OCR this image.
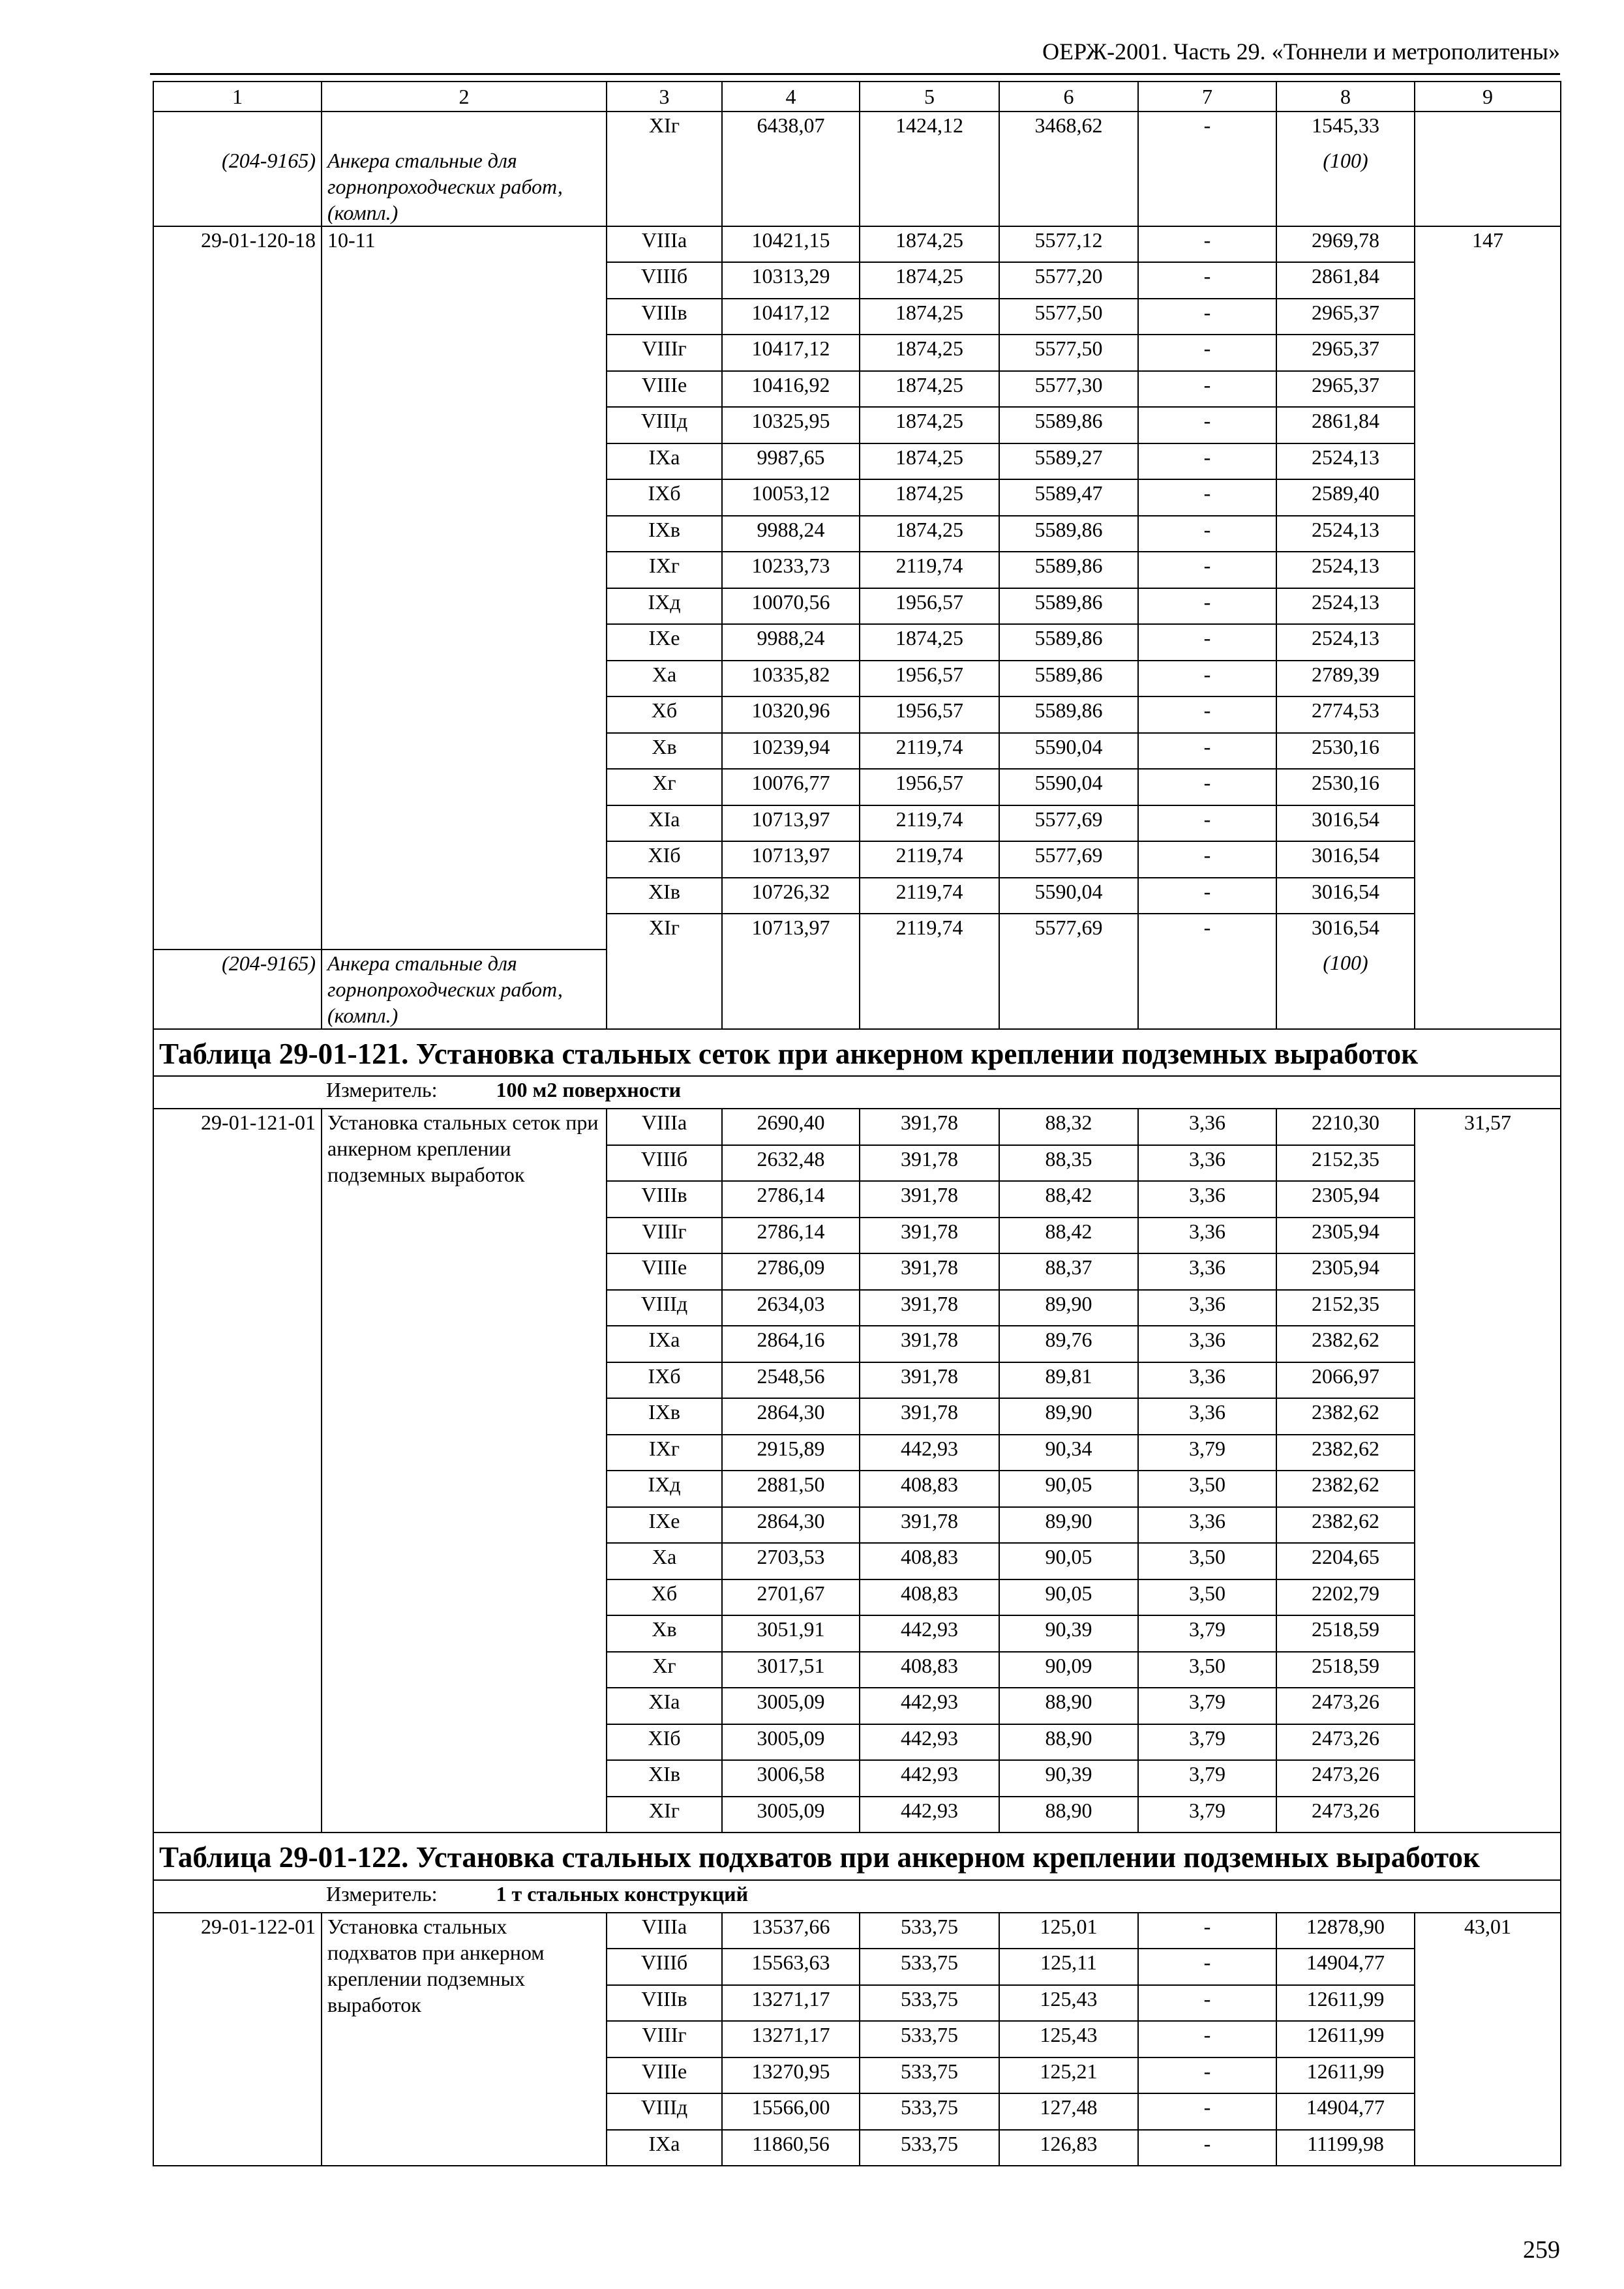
ОЕРЖ-2001. Часть 29. «Тоннели и метрополитены»
1	2	3	4	5	6	7	8	9
		XIг	6438,07	1424,12	3468,62	-	1545,33	
(204-9165)	Анкера стальные для горнопроходческих работ, (компл.)						(100)	
29-01-120-18	10-11	VIIIа	10421,15	1874,25	5577,12	-	2969,78	147
		VIIIб	10313,29	1874,25	5577,20	-	2861,84	
		VIIIв	10417,12	1874,25	5577,50	-	2965,37	
		VIIIг	10417,12	1874,25	5577,50	-	2965,37	
		VIIIе	10416,92	1874,25	5577,30	-	2965,37	
		VIIIд	10325,95	1874,25	5589,86	-	2861,84	
		IXа	9987,65	1874,25	5589,27	-	2524,13	
		IXб	10053,12	1874,25	5589,47	-	2589,40	
		IXв	9988,24	1874,25	5589,86	-	2524,13	
		IXг	10233,73	2119,74	5589,86	-	2524,13	
		IXд	10070,56	1956,57	5589,86	-	2524,13	
		IXе	9988,24	1874,25	5589,86	-	2524,13	
		Xа	10335,82	1956,57	5589,86	-	2789,39	
		Xб	10320,96	1956,57	5589,86	-	2774,53	
		Xв	10239,94	2119,74	5590,04	-	2530,16	
		Xг	10076,77	1956,57	5590,04	-	2530,16	
		XIа	10713,97	2119,74	5577,69	-	3016,54	
		XIб	10713,97	2119,74	5577,69	-	3016,54	
		XIв	10726,32	2119,74	5590,04	-	3016,54	
		XIг	10713,97	2119,74	5577,69	-	3016,54	
(204-9165)	Анкера стальные для горнопроходческих работ, (компл.)						(100)	
Таблица 29-01-121. Установка стальных сеток при анкерном креплении подземных выработок								

Измеритель: 100 м2 поверхности								

29-01-121-01	Установка стальных сеток при анкерном креплении подземных выработок	VIIIа	2690,40	391,78	88,32	3,36	2210,30	31,57
		VIIIб	2632,48	391,78	88,35	3,36	2152,35	
		VIIIв	2786,14	391,78	88,42	3,36	2305,94	
		VIIIг	2786,14	391,78	88,42	3,36	2305,94	
		VIIIе	2786,09	391,78	88,37	3,36	2305,94	
		VIIIд	2634,03	391,78	89,90	3,36	2152,35	
		IXа	2864,16	391,78	89,76	3,36	2382,62	
		IXб	2548,56	391,78	89,81	3,36	2066,97	
		IXв	2864,30	391,78	89,90	3,36	2382,62	
		IXг	2915,89	442,93	90,34	3,79	2382,62	
		IXд	2881,50	408,83	90,05	3,50	2382,62	
		IXе	2864,30	391,78	89,90	3,36	2382,62	
		Xа	2703,53	408,83	90,05	3,50	2204,65	
		Xб	2701,67	408,83	90,05	3,50	2202,79	
		Xв	3051,91	442,93	90,39	3,79	2518,59	
		Xг	3017,51	408,83	90,09	3,50	2518,59	
		XIа	3005,09	442,93	88,90	3,79	2473,26	
		XIб	3005,09	442,93	88,90	3,79	2473,26	
		XIв	3006,58	442,93	90,39	3,79	2473,26	
		XIг	3005,09	442,93	88,90	3,79	2473,26	
Таблица 29-01-122. Установка стальных подхватов при анкерном креплении подземных выработок								

Измеритель: 1 т стальных конструкций								

29-01-122-01	Установка стальных подхватов при анкерном креплении подземных выработок	VIIIа	13537,66	533,75	125,01	-	12878,90	43,01
		VIIIб	15563,63	533,75	125,11	-	14904,77	
		VIIIв	13271,17	533,75	125,43	-	12611,99	
		VIIIг	13271,17	533,75	125,43	-	12611,99	
		VIIIе	13270,95	533,75	125,21	-	12611,99	
		VIIIд	15566,00	533,75	127,48	-	14904,77	
		IXа	11860,56	533,75	126,83	-	11199,98	
259
